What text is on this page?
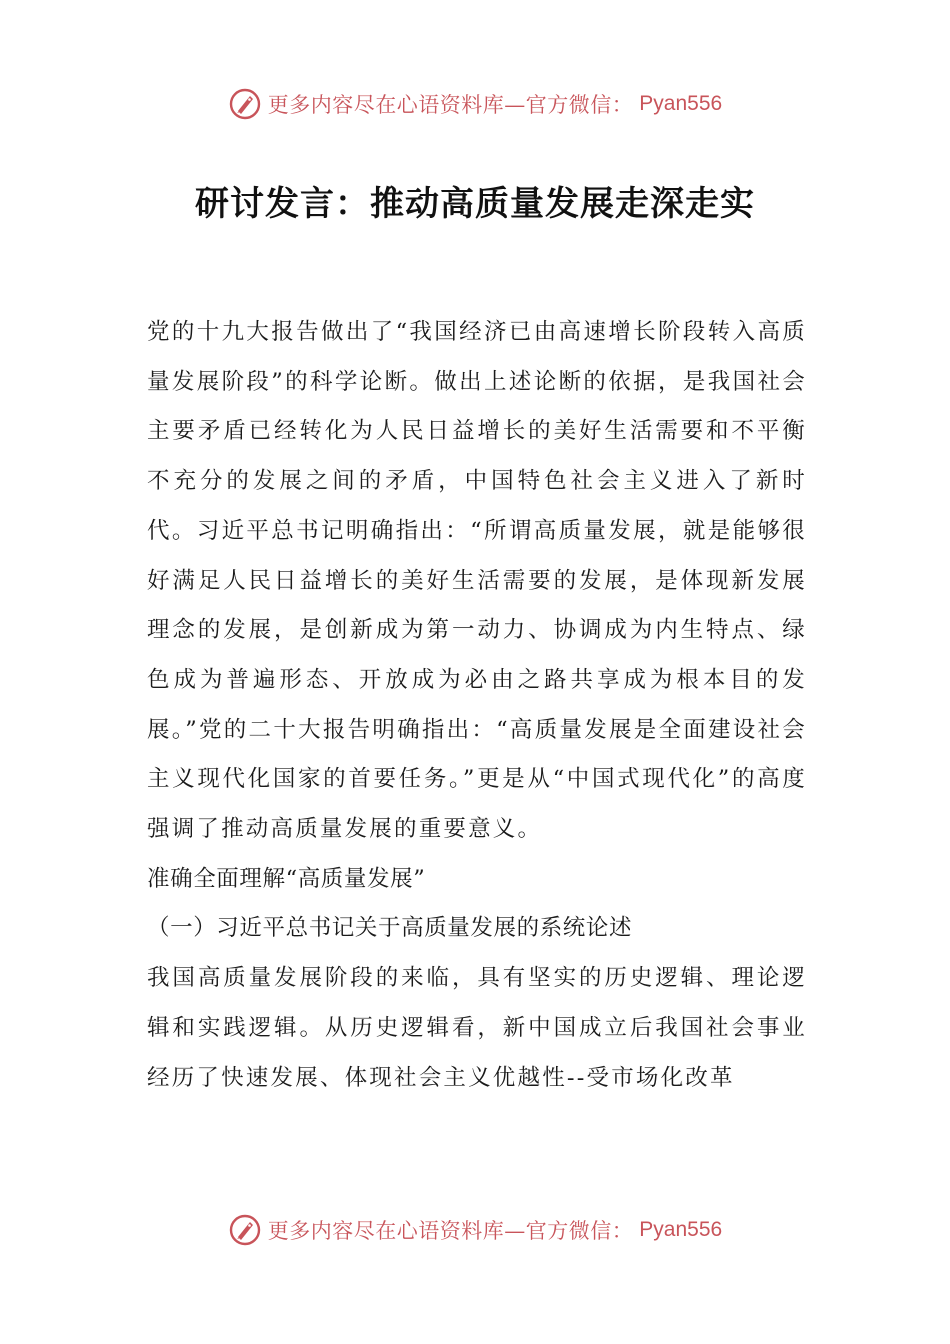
更多内容尽在心语资料库—官方微信： Pyan556
研讨发言：推动高质量发展走深走实

党的十九大报告做出了“我国经济已由高速增长阶段转入高质量发展阶段”的科学论断。做出上述论断的依据，是我国社会主要矛盾已经转化为人民日益增长的美好生活需要和不平衡不充分的发展之间的矛盾，中国特色社会主义进入了新时代。习近平总书记明确指出：“所谓高质量发展，就是能够很好满足人民日益增长的美好生活需要的发展，是体现新发展理念的发展，是创新成为第一动力、协调成为内生特点、绿色成为普遍形态、开放成为必由之路共享成为根本目的发展。”党的二十大报告明确指出：“高质量发展是全面建设社会主义现代化国家的首要任务。”更是从“中国式现代化”的高度强调了推动高质量发展的重要意义。

准确全面理解“高质量发展”

（一）习近平总书记关于高质量发展的系统论述

我国高质量发展阶段的来临，具有坚实的历史逻辑、理论逻辑和实践逻辑。从历史逻辑看，新中国成立后我国社会事业经历了快速发展、体现社会主义优越性--受市场化改革

更多内容尽在心语资料库—官方微信： Pyan556
